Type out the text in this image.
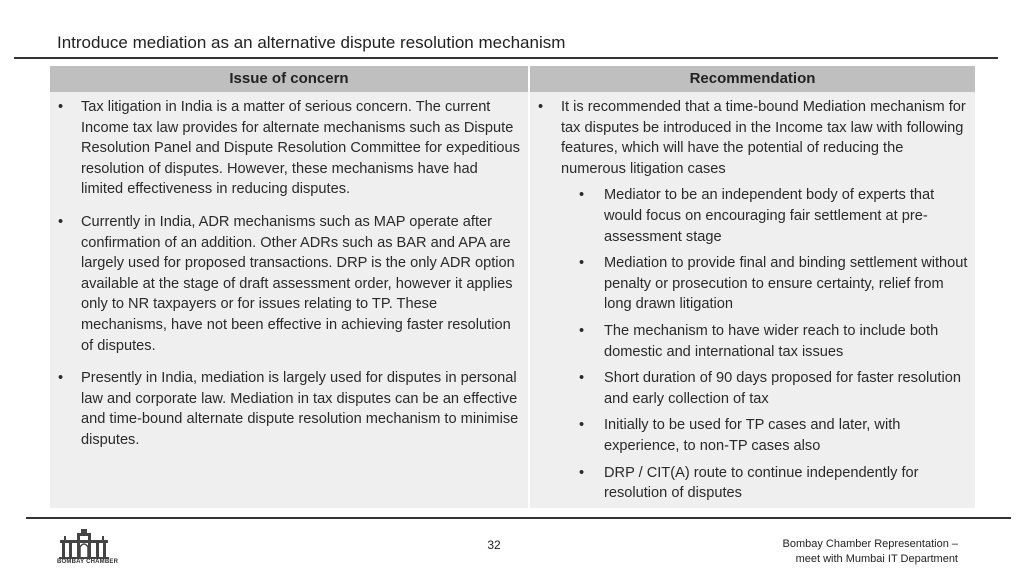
Introduce mediation as an alternative dispute resolution mechanism
Issue of concern	Recommendation
• Tax litigation in India is a matter of serious concern. The current Income tax law provides for alternate mechanisms such as Dispute Resolution Panel and Dispute Resolution Committee for expeditious resolution of disputes. However, these mechanisms have had limited effectiveness in reducing disputes.
• Currently in India, ADR mechanisms such as MAP operate after confirmation of an addition. Other ADRs such as BAR and APA are largely used for proposed transactions. DRP is the only ADR option available at the stage of draft assessment order, however it applies only to NR taxpayers or for issues relating to TP. These mechanisms, have not been effective in achieving faster resolution of disputes.
• Presently in India, mediation is largely used for disputes in personal law and corporate law. Mediation in tax disputes can be an effective and time-bound alternate dispute resolution mechanism to minimise disputes.
• It is recommended that a time-bound Mediation mechanism for tax disputes be introduced in the Income tax law with following features, which will have the potential of reducing the numerous litigation cases
• Mediator to be an independent body of experts that would focus on encouraging fair settlement at pre-assessment stage
• Mediation to provide final and binding settlement without penalty or prosecution to ensure certainty, relief from long drawn litigation
• The mechanism to have wider reach to include both domestic and international tax issues
• Short duration of 90 days proposed for faster resolution and early collection of tax
• Initially to be used for TP cases and later, with experience, to non-TP cases also
• DRP / CIT(A) route to continue independently for resolution of disputes
BOMBAY CHAMBER
32	Bombay Chamber Representation –
meet with Mumbai IT Department
